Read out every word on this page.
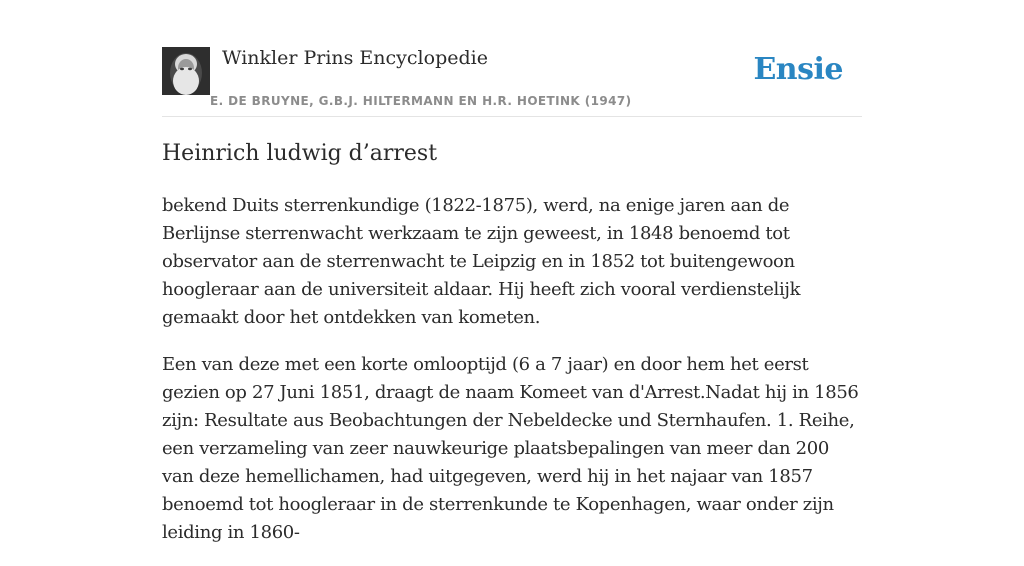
Winkler Prins Encyclopedie
E. DE BRUYNE, G.B.J. HILTERMANN EN H.R. HOETINK (1947)
Ensie
Heinrich ludwig d’arrest

bekend Duits sterrenkundige (1822-1875), werd, na enige jaren aan de Berlijnse sterrenwacht werkzaam te zijn geweest, in 1848 benoemd tot observator aan de sterrenwacht te Leipzig en in 1852 tot buitengewoon hoogleraar aan de universiteit aldaar. Hij heeft zich vooral verdienstelijk gemaakt door het ontdekken van kometen.

Een van deze met een korte omlooptijd (6 a 7 jaar) en door hem het eerst gezien op 27 Juni 1851, draagt de naam Komeet van d'Arrest.Nadat hij in 1856 zijn: Resultate aus Beobachtungen der Nebeldecke und Sternhaufen. 1. Reihe, een verzameling van zeer nauwkeurige plaatsbepalingen van meer dan 200 van deze hemellichamen, had uitgegeven, werd hij in het najaar van 1857 benoemd tot hoogleraar in de sterrenkunde te Kopenhagen, waar onder zijn leiding in 1860-
